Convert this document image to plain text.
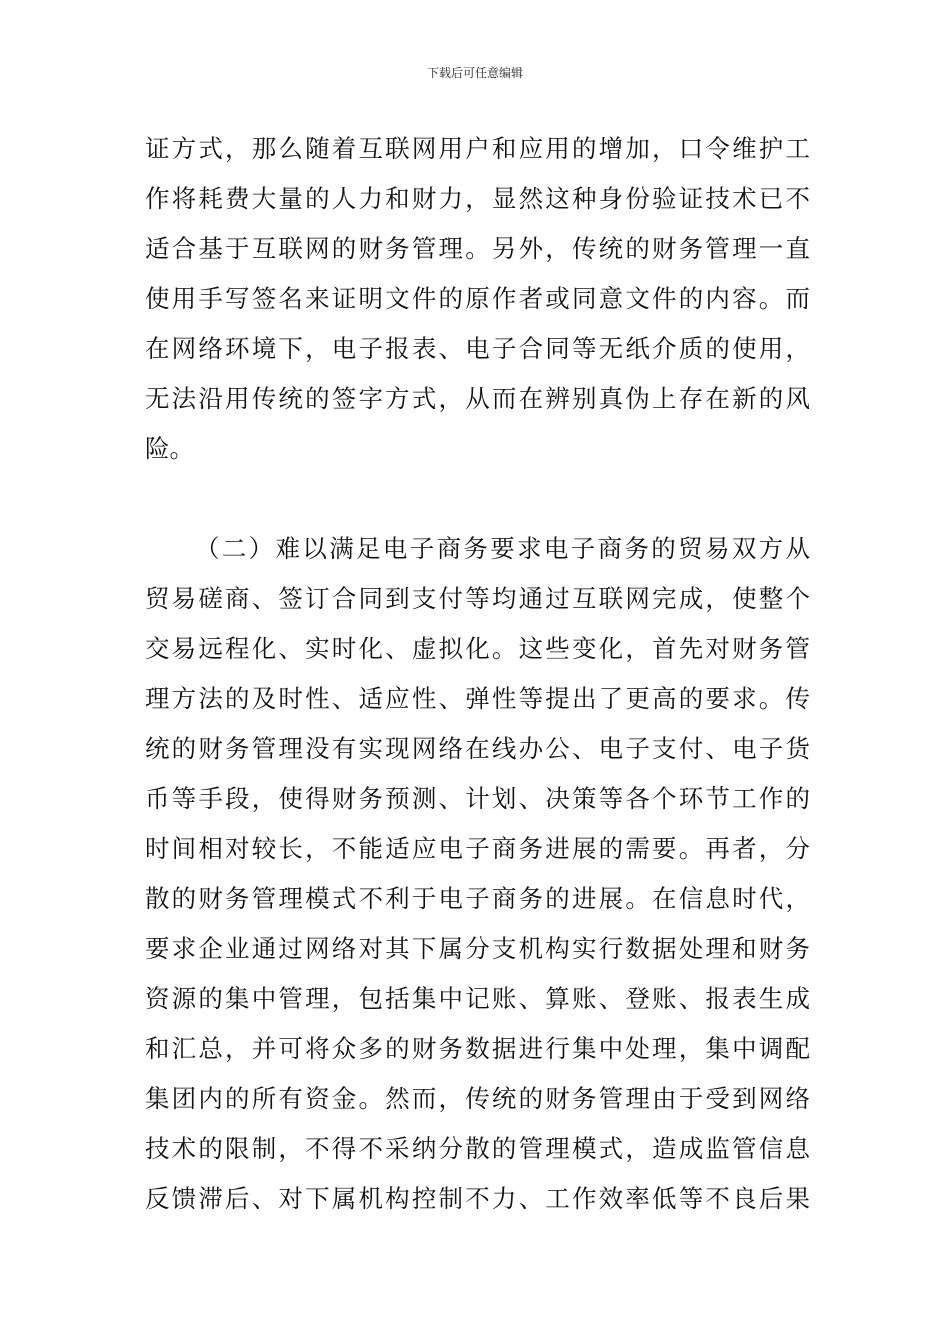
下载后可任意编辑
证方式，那么随着互联网用户和应用的增加，口令维护工
作将耗费大量的人力和财力，显然这种身份验证技术已不
适合基于互联网的财务管理。另外，传统的财务管理一直
使用手写签名来证明文件的原作者或同意文件的内容。而
在网络环境下，电子报表、电子合同等无纸介质的使用，
无法沿用传统的签字方式，从而在辨别真伪上存在新的风
险。
（二）难以满足电子商务要求电子商务的贸易双方从
贸易磋商、签订合同到支付等均通过互联网完成，使整个
交易远程化、实时化、虚拟化。这些变化，首先对财务管
理方法的及时性、适应性、弹性等提出了更高的要求。传
统的财务管理没有实现网络在线办公、电子支付、电子货
币等手段，使得财务预测、计划、决策等各个环节工作的
时间相对较长，不能适应电子商务进展的需要。再者，分
散的财务管理模式不利于电子商务的进展。在信息时代，
要求企业通过网络对其下属分支机构实行数据处理和财务
资源的集中管理，包括集中记账、算账、登账、报表生成
和汇总，并可将众多的财务数据进行集中处理，集中调配
集团内的所有资金。然而，传统的财务管理由于受到网络
技术的限制，不得不采纳分散的管理模式，造成监管信息
反馈滞后、对下属机构控制不力、工作效率低等不良后果
